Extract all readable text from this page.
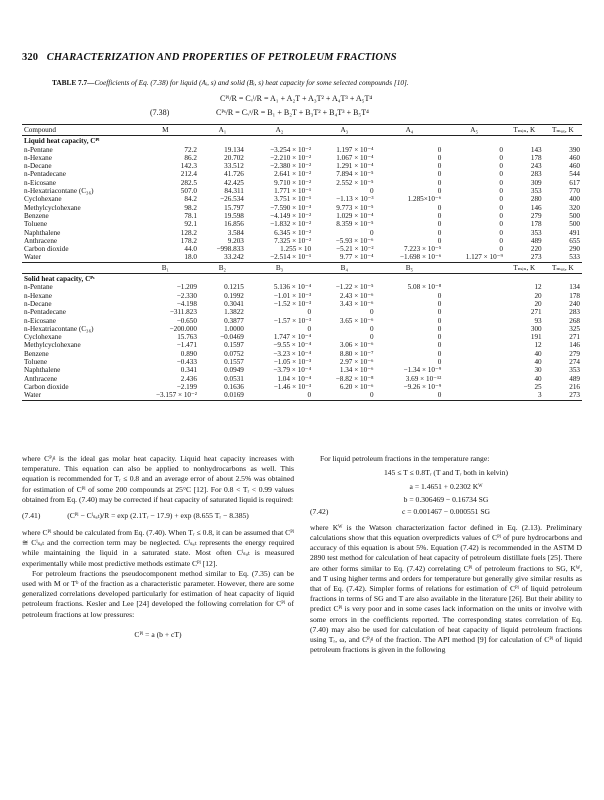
320 CHARACTERIZATION AND PROPERTIES OF PETROLEUM FRACTIONS
TABLE 7.7—Coefficients of Eq. (7.38) for liquid (Aᵢ, s) and solid (Bᵢ, s) heat capacity for some selected compounds [10].
Cᴾˡ/R = Cᵥˡ/R = A₁ + A₂T + A₃T² + A₄T³ + A₅T⁴
(7.38)	Cᴾˢ/R = Cᵥˢ/R = B₁ + B₂T + B₃T² + B₄T³ + B₅T⁴
Compound	M	A₁	A₂	A₃	A₄	A₅	Tₘᵢₙ, K	Tₘₐₓ, K
Liquid heat capacity, Cᴾˡ								
n-Pentane	72.2	19.134	−3.254 × 10⁻²	1.197 × 10⁻⁴	0	0	143	390
n-Hexane	86.2	20.702	−2.210 × 10⁻²	1.067 × 10⁻⁴	0	0	178	460
n-Decane	142.3	33.512	−2.380 × 10⁻²	1.291 × 10⁻⁴	0	0	243	460
n-Pentadecane	212.4	41.726	2.641 × 10⁻²	7.894 × 10⁻⁵	0	0	283	544
n-Eicosane	282.5	42.425	9.710 × 10⁻²	2.552 × 10⁻⁵	0	0	309	617
n-Hexatriacontane (C₃₆)	507.0	84.311	1.771 × 10⁻¹	0	0	0	353	770
Cyclohexane	84.2	−26.534	3.751 × 10⁻¹	−1.13 × 10⁻³	1.285×10⁻⁶	0	280	400
Methylcyclohexane	98.2	15.797	−7.590 × 10⁻³	9.773 × 10⁻⁵	0	0	146	320
Benzene	78.1	19.598	−4.149 × 10⁻²	1.029 × 10⁻⁴	0	0	279	500
Toluene	92.1	16.856	−1.832 × 10⁻²	8.359 × 10⁻⁵	0	0	178	500
Naphthalene	128.2	3.584	6.345 × 10⁻²	0	0	0	353	491
Anthracene	178.2	9.203	7.325 × 10⁻²	−5.93 × 10⁻⁶	0	0	489	655
Carbon dioxide	44.0	−998.833	1.255 × 10	−5.21 × 10⁻²	7.223 × 10⁻⁵	0	220	290
Water	18.0	33.242	−2.514 × 10⁻¹	9.77 × 10⁻⁴	−1.698 × 10⁻⁶	1.127 × 10⁻⁹	273	533
	B₁	B₂	B₃	B₄	B₅		Tₘᵢₙ, K	Tₘₐₓ, K
Solid heat capacity, Cᴾˢ								
n-Pentane	−1.209	0.1215	5.136 × 10⁻⁴	−1.22 × 10⁻⁵	5.08 × 10⁻⁸		12	134
n-Hexane	−2.330	0.1992	−1.01 × 10⁻³	2.43 × 10⁻⁶	0		20	178
n-Decane	−4.198	0.3041	−1.52 × 10⁻³	3.43 × 10⁻⁶	0		20	240
n-Pentadecane	−311.823	1.3822	0	0	0		271	283
n-Eicosane	−0.650	0.3877	−1.57 × 10⁻³	3.65 × 10⁻⁶	0		93	268
n-Hexatriacontane (C₃₆)	−200.000	1.0000	0	0	0		300	325
Cyclohexane	15.763	−0.0469	1.747 × 10⁻⁴	0	0		191	271
Methylcyclohexane	−1.471	0.1597	−9.55 × 10⁻⁴	3.06 × 10⁻⁶	0		12	146
Benzene	0.890	0.0752	−3.23 × 10⁻⁴	8.80 × 10⁻⁷	0		40	279
Toluene	−0.433	0.1557	−1.05 × 10⁻³	2.97 × 10⁻⁶	0		40	274
Naphthalene	0.341	0.0949	−3.79 × 10⁻⁴	1.34 × 10⁻⁶	−1.34 × 10⁻⁹		30	353
Anthracene	2.436	0.0531	1.04 × 10⁻⁴	−8.82 × 10⁻⁸	3.69 × 10⁻¹²		40	489
Carbon dioxide	−2.199	0.1636	−1.46 × 10⁻³	6.20 × 10⁻⁶	−9.26 × 10⁻⁹		25	216
Water	−3.157 × 10⁻²	0.0169	0	0	0		3	273

where Cᴾᵢᵍ is the ideal gas molar heat capacity. Liquid heat capacity increases with temperature. This equation can also be applied to nonhydrocarbons as well. This equation is recommended for Tᵣ ≤ 0.8 and an average error of about 2.5% was obtained for estimation of Cᴾˡ of some 200 compounds at 25°C [12]. For 0.8 < Tᵣ < 0.99 values obtained from Eq. (7.40) may be corrected if heat capacity of saturated liquid is required:

(7.41)	(Cᴾˡ − Cˡₛₐₜ)/R = exp (2.1Tᵣ − 17.9) + exp (8.655 Tᵣ − 8.385)

where Cᴾˡ should be calculated from Eq. (7.40). When Tᵣ ≤ 0.8, it can be assumed that Cᴾˡ ≅ Cˡₛₐₜ and the correction term may be neglected. Cˡₛₐₜ represents the energy required while maintaining the liquid in a saturated state. Most often Cˡₛₐₜ is measured experimentally while most predictive methods estimate Cᴾˡ [12].

For petroleum fractions the pseudocomponent method similar to Eq. (7.35) can be used with M or Tᵇ of the fraction as a characteristic parameter. However, there are some generalized correlations developed particularly for estimation of heat capacity of liquid petroleum fractions. Kesler and Lee [24] developed the following correlation for Cᴾˡ of petroleum fractions at low pressures:

Cᴾˡ = a (b + cT)

For liquid petroleum fractions in the temperature range:

145 ≤ T ≤ 0.8Tᵣ (T and Tᵣ both in kelvin)
a = 1.4651 + 0.2302 Kᵂ
b = 0.306469 − 0.16734 SG
(7.42)	c = 0.001467 − 0.000551 SG

where Kᵂ is the Watson characterization factor defined in Eq. (2.13). Preliminary calculations show that this equation overpredicts values of Cᴾˡ of pure hydrocarbons and accuracy of this equation is about 5%. Equation (7.42) is recommended in the ASTM D 2890 test method for calculation of heat capacity of petroleum distillate fuels [25]. There are other forms similar to Eq. (7.42) correlating Cᴾˡ of petroleum fractions to SG, Kᵂ, and T using higher terms and orders for temperature but generally give similar results as that of Eq. (7.42). Simpler forms of relations for estimation of Cᴾˡ of liquid petroleum fractions in terms of SG and T are also available in the literature [26]. But their ability to predict Cᴾˡ is very poor and in some cases lack information on the units or involve with some errors in the coefficients reported. The corresponding states correlation of Eq. (7.40) may also be used for calculation of heat capacity of liquid petroleum fractions using Tᵣ, ω, and Cᴾᵢᵍ of the fraction. The API method [9] for calculation of Cᴾˡ of liquid petroleum fractions is given in the following
